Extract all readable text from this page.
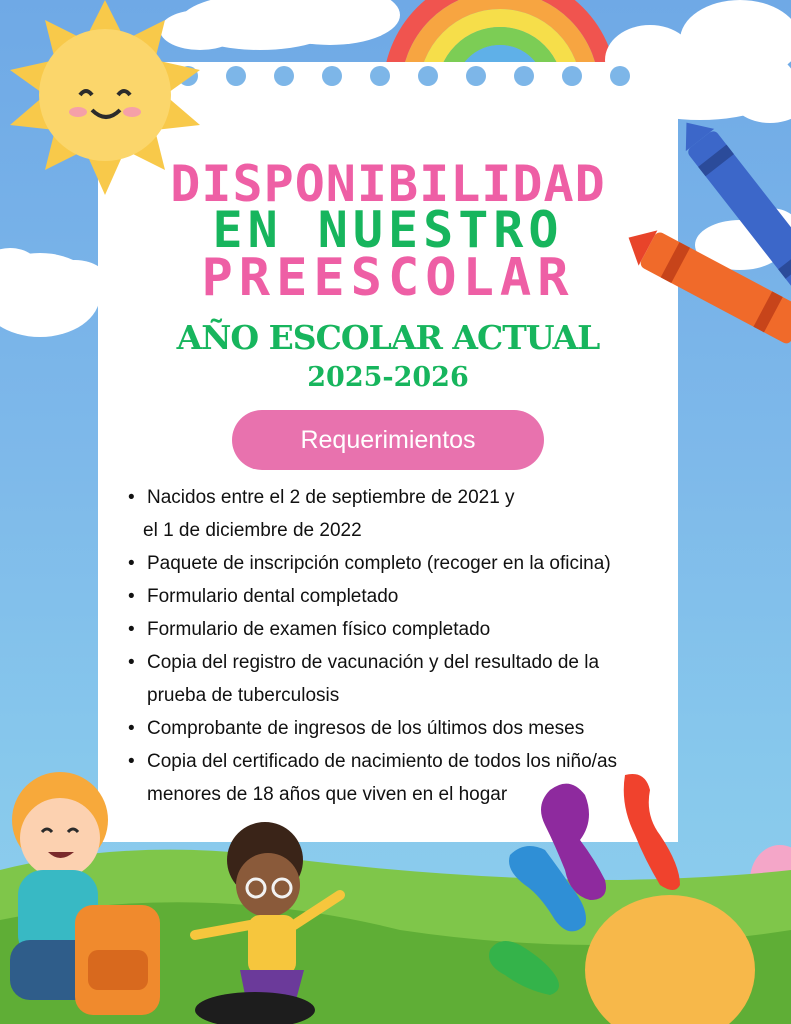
DISPONIBILIDAD
EN NUESTRO
PREESCOLAR
AÑO ESCOLAR ACTUAL
2025-2026
Requerimientos
• Nacidos entre el 2 de septiembre de 2021 y

el 1 de diciembre de 2022
• Paquete de inscripción completo (recoger en la oficina)
• Formulario dental completado
• Formulario de examen físico completado
• Copia del registro de vacunación y del resultado de la
prueba de tuberculosis
• Comprobante de ingresos de los últimos dos meses
• Copia del certificado de nacimiento de todos los niño/as
menores de 18 años que viven en el hogar
